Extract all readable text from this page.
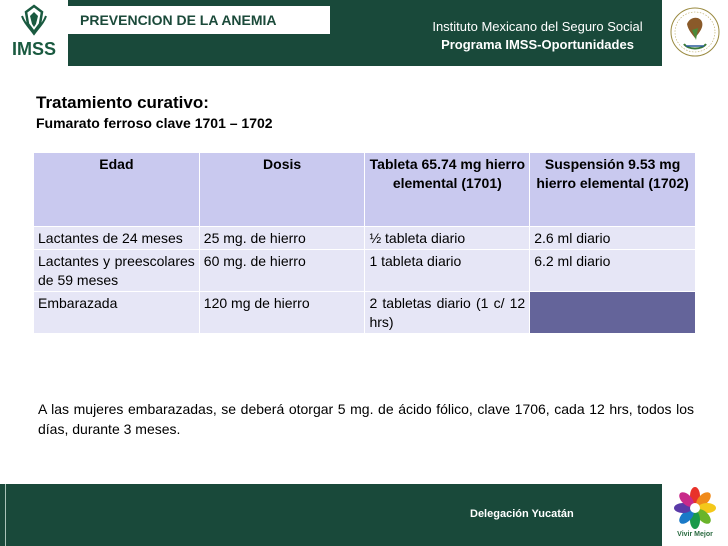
IMSS
PREVENCION DE LA ANEMIA	Instituto Mexicano del Seguro Social
Programa IMSS-Oportunidades
Tratamiento curativo:
Fumarato ferroso clave 1701 – 1702
Edad	Dosis	Tableta 65.74 mg hierro elemental (1701)	Suspensión 9.53 mg hierro elemental (1702)
Lactantes de 24 meses	25 mg. de hierro	½ tableta diario	2.6 ml diario
Lactantes y preescolares de 59 meses	60 mg. de hierro	1 tableta diario	6.2 ml diario
Embarazada	120 mg de hierro	2 tabletas diario (1 c/ 12 hrs)	
A las mujeres embarazadas, se deberá otorgar 5 mg. de ácido fólico, clave 1706, cada 12 hrs, todos los días, durante 3 meses.
Delegación Yucatán
Vivir Mejor
